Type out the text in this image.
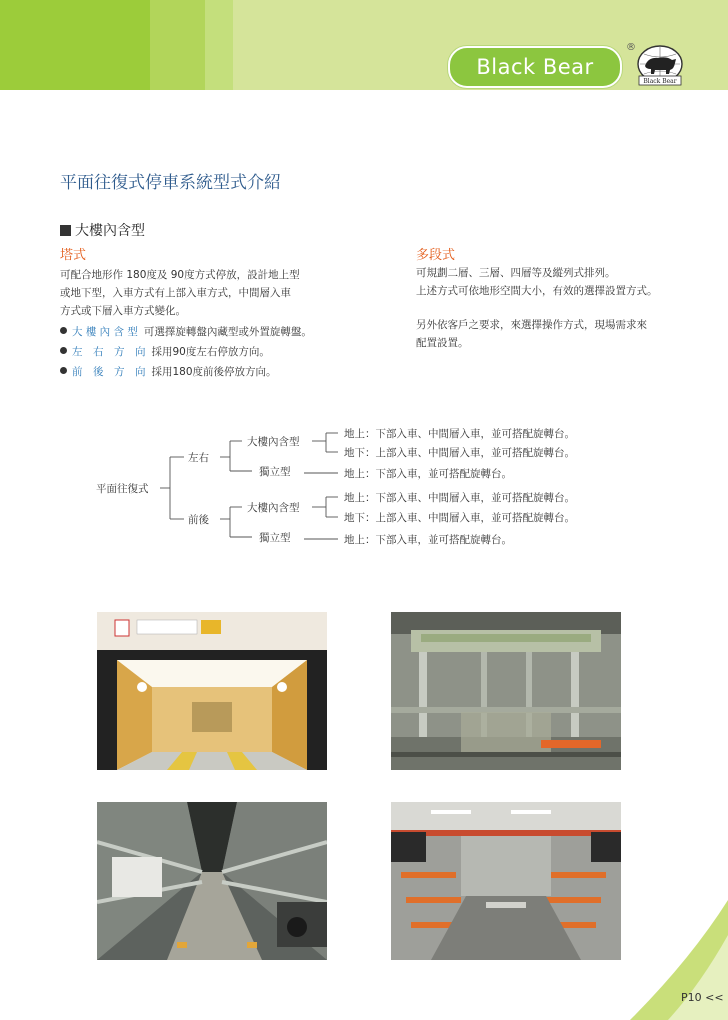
Black Bear
®
Black Bear
平面往復式停車系統型式介紹
大樓內含型
塔式
可配合地形作 180度及 90度方式停放，設計地上型
或地下型，入車方式有上部入車方式，中間層入車
方式或下層入車方式變化。
大 樓 內 含 型 可選擇旋轉盤內藏型或外置旋轉盤。
左　右　方　向 採用90度左右停放方向。
前　後　方　向 採用180度前後停放方向。
多段式
可規劃二層、三層、四層等及縱列式排列。
上述方式可依地形空間大小，有效的選擇設置方式。
另外依客戶之要求，來選擇操作方式，現場需求來
配置設置。
平面往復式
左右
前後
大樓內含型
獨立型
大樓內含型
獨立型
地上：下部入車、中間層入車，並可搭配旋轉台。
地下：上部入車、中間層入車，並可搭配旋轉台。
地上：下部入車，並可搭配旋轉台。
地上：下部入車、中間層入車，並可搭配旋轉台。
地下：上部入車、中間層入車，並可搭配旋轉台。
地上：下部入車，並可搭配旋轉台。
P10 <<
